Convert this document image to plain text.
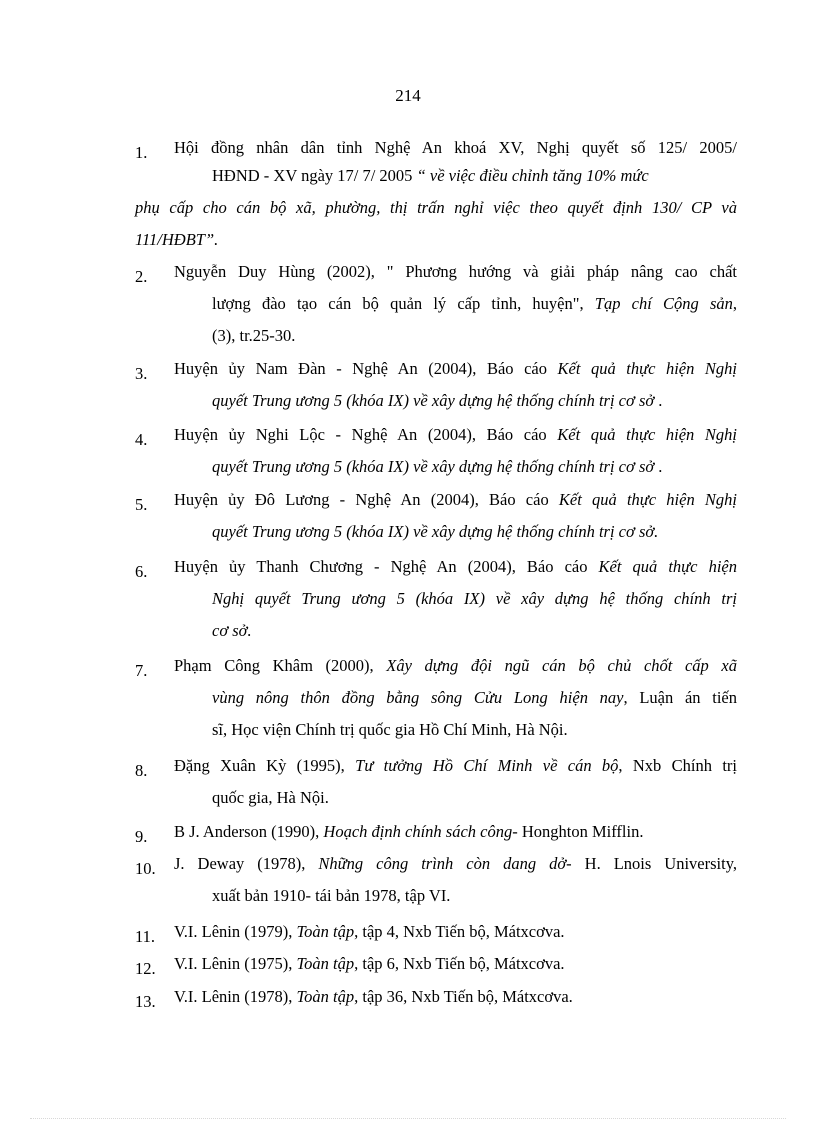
214
1. Hội đồng nhân dân tỉnh Nghệ An khoá XV, Nghị quyết số 125/ 2005/
HĐND - XV ngày 17/ 7/ 2005 “ về việc điều chỉnh tăng 10% mức
phụ cấp cho cán bộ xã, phường, thị trấn nghỉ việc theo quyết định 130/ CP và
111/HĐBT”.
2. Nguyễn Duy Hùng (2002), " Phương hướng và giải pháp nâng cao chất
lượng đào tạo cán bộ quản lý cấp tỉnh, huyện", Tạp chí Cộng sản,
(3), tr.25-30.
3. Huyện ủy Nam Đàn - Nghệ An (2004), Báo cáo Kết quả thực hiện Nghị
quyết Trung ương 5 (khóa IX) về xây dựng hệ thống chính trị cơ sở .
4. Huyện ủy Nghi Lộc - Nghệ An (2004), Báo cáo Kết quả thực hiện Nghị
quyết Trung ương 5 (khóa IX) về xây dựng hệ thống chính trị cơ sở .
5. Huyện ủy Đô Lương - Nghệ An (2004), Báo cáo Kết quả thực hiện Nghị
quyết Trung ương 5 (khóa IX) về xây dựng hệ thống chính trị cơ sở.
6. Huyện ủy Thanh Chương - Nghệ An (2004), Báo cáo Kết quả thực hiện
Nghị quyết Trung ương 5 (khóa IX) về xây dựng hệ thống chính trị
cơ sở.
7. Phạm Công Khâm (2000), Xây dựng đội ngũ cán bộ chủ chốt cấp xã
vùng nông thôn đồng bằng sông Cửu Long hiện nay, Luận án tiến
sĩ, Học viện Chính trị quốc gia Hồ Chí Minh, Hà Nội.
8. Đặng Xuân Kỳ (1995), Tư tưởng Hồ Chí Minh về cán bộ, Nxb Chính trị
quốc gia, Hà Nội.
9. B J. Anderson (1990), Hoạch định chính sách công- Honghton Mifflin.
10. J. Deway (1978), Những công trình còn dang dở- H. Lnois University,
xuất bản 1910- tái bản 1978, tập VI.
11. V.I. Lênin (1979), Toàn tập, tập 4, Nxb Tiến bộ, Mátxcơva.
12. V.I. Lênin (1975), Toàn tập, tập 6, Nxb Tiến bộ, Mátxcơva.
13. V.I. Lênin (1978), Toàn tập, tập 36, Nxb Tiến bộ, Mátxcơva.
